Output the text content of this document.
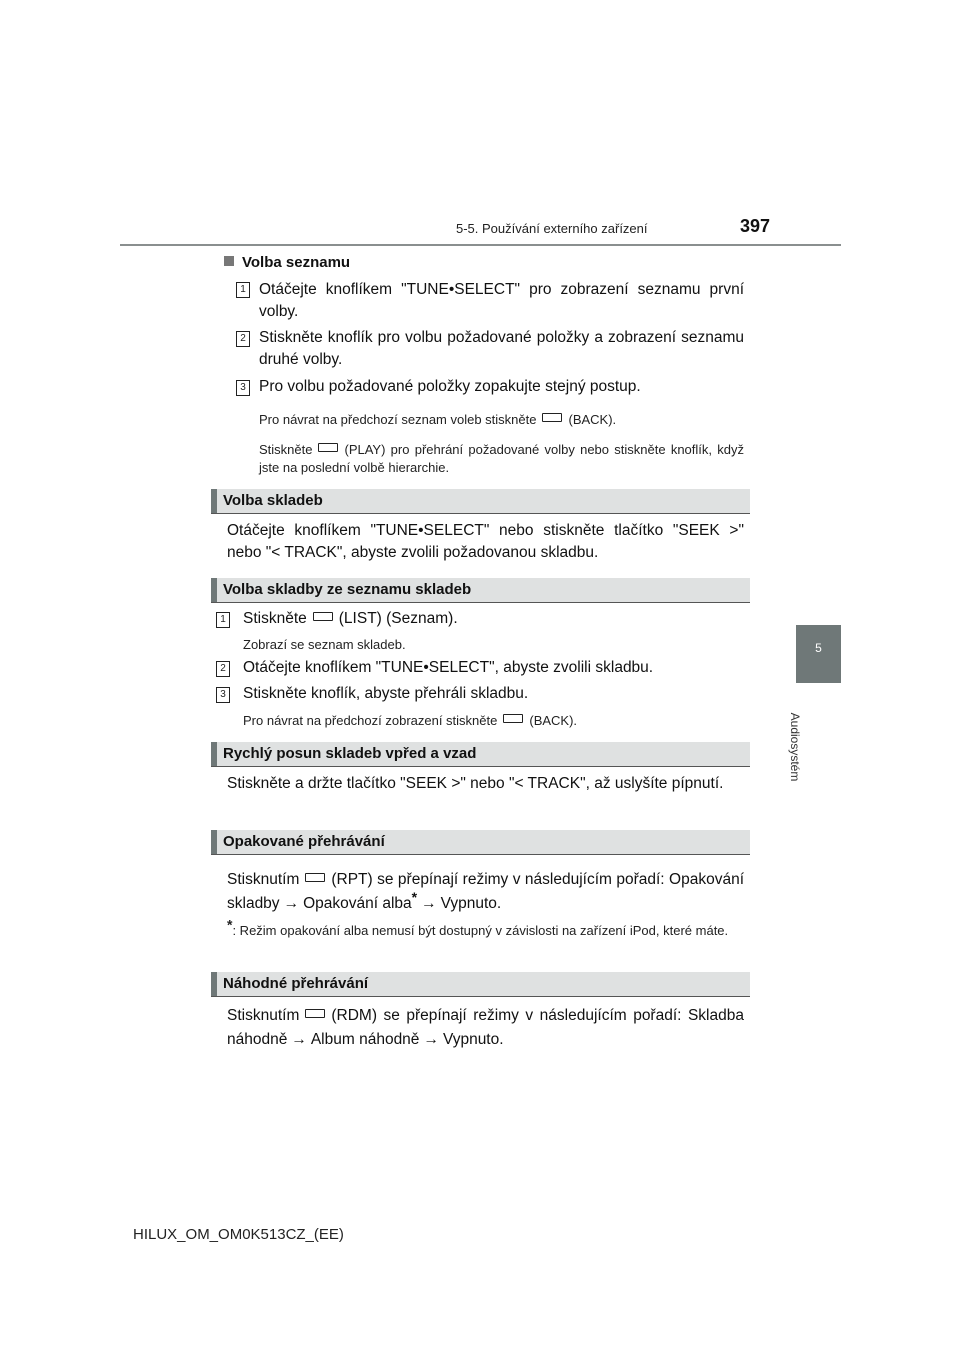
5-5. Používání externího zařízení	397
5
Audiosystém
Volba seznamu
1 Otáčejte knoflíkem "TUNE•SELECT" pro zobrazení seznamu první volby.
2 Stiskněte knoflík pro volbu požadované položky a zobrazení seznamu druhé volby.
3 Pro volbu požadované položky zopakujte stejný postup.
Pro návrat na předchozí seznam voleb stiskněte (BACK).
Stiskněte (PLAY) pro přehrání požadované volby nebo stiskněte knoflík, když jste na poslední volbě hierarchie.
Volba skladeb
Otáčejte knoflíkem "TUNE•SELECT" nebo stiskněte tlačítko "SEEK >" nebo "< TRACK", abyste zvolili požadovanou skladbu.
Volba skladby ze seznamu skladeb
1 Stiskněte (LIST) (Seznam).
Zobrazí se seznam skladeb.
2 Otáčejte knoflíkem "TUNE•SELECT", abyste zvolili skladbu.
3 Stiskněte knoflík, abyste přehráli skladbu.
Pro návrat na předchozí zobrazení stiskněte (BACK).
Rychlý posun skladeb vpřed a vzad
Stiskněte a držte tlačítko "SEEK >" nebo "< TRACK", až uslyšíte pípnutí.
Opakované přehrávání
Stisknutím (RPT) se přepínají režimy v následujícím pořadí: Opakování skladby → Opakování alba* → Vypnuto.
*: Režim opakování alba nemusí být dostupný v závislosti na zařízení iPod, které máte.
Náhodné přehrávání
Stisknutím (RDM) se přepínají režimy v následujícím pořadí: Skladba náhodně → Album náhodně → Vypnuto.
HILUX_OM_OM0K513CZ_(EE)
